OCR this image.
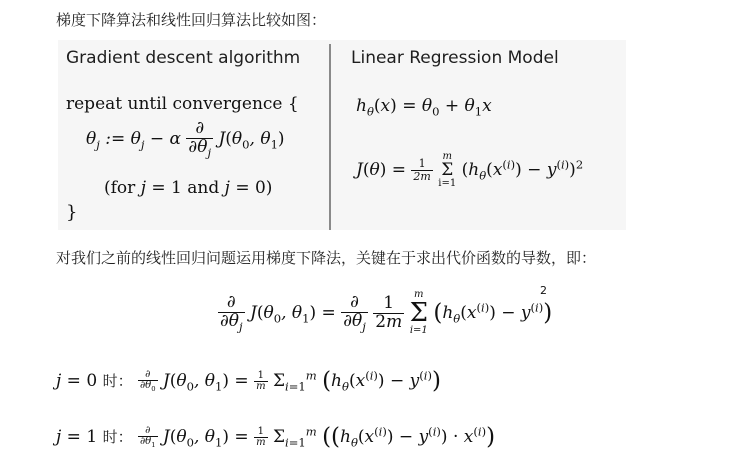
梯度下降算法和线性回归算法比较如图：
Gradient descent algorithm	Linear Regression Model
repeat until convergence {
$\theta_j$ := $\theta_j - \alpha \frac{\partial}{\partial\theta_j} J(\theta_0$, $\theta_1$)
(for j = 1 and j = 0)
}
$h_\theta(x) = \theta_0 + \theta_1x$
$J(\theta) = \frac{1}{2m}$

m
Σ
i=1
$(h_\theta(x^{(i)}) - y^{(i)})^2$
对我们之前的线性回归问题运用梯度下降法，关键在于求出代价函数的导数，即：
2
$\frac{\partial}{\partial\theta_j} J(\theta_0$, $\theta_1) = \frac{\partial}{\partial\theta_j}$
$\frac{1}{2m}$

m
Σ
i=1
$(h_\theta(x^{(i)}) - y^{(i)})$
j = 0 时： $\frac{\partial}{\partial\theta_0} J(\theta_0$, $\theta_1) = \frac{1}{m} \Sigma_{i=1}^m$ $(h_\theta(x^{(i)}) - y^{(i)})$
j = 1 时： $\frac{\partial}{\partial\theta_1} J(\theta_0$, $\theta_1) = \frac{1}{m} \Sigma_{i=1}^m$ $((h_\theta(x^{(i)}) - y^{(i)}) \cdot x^{(i)})$
